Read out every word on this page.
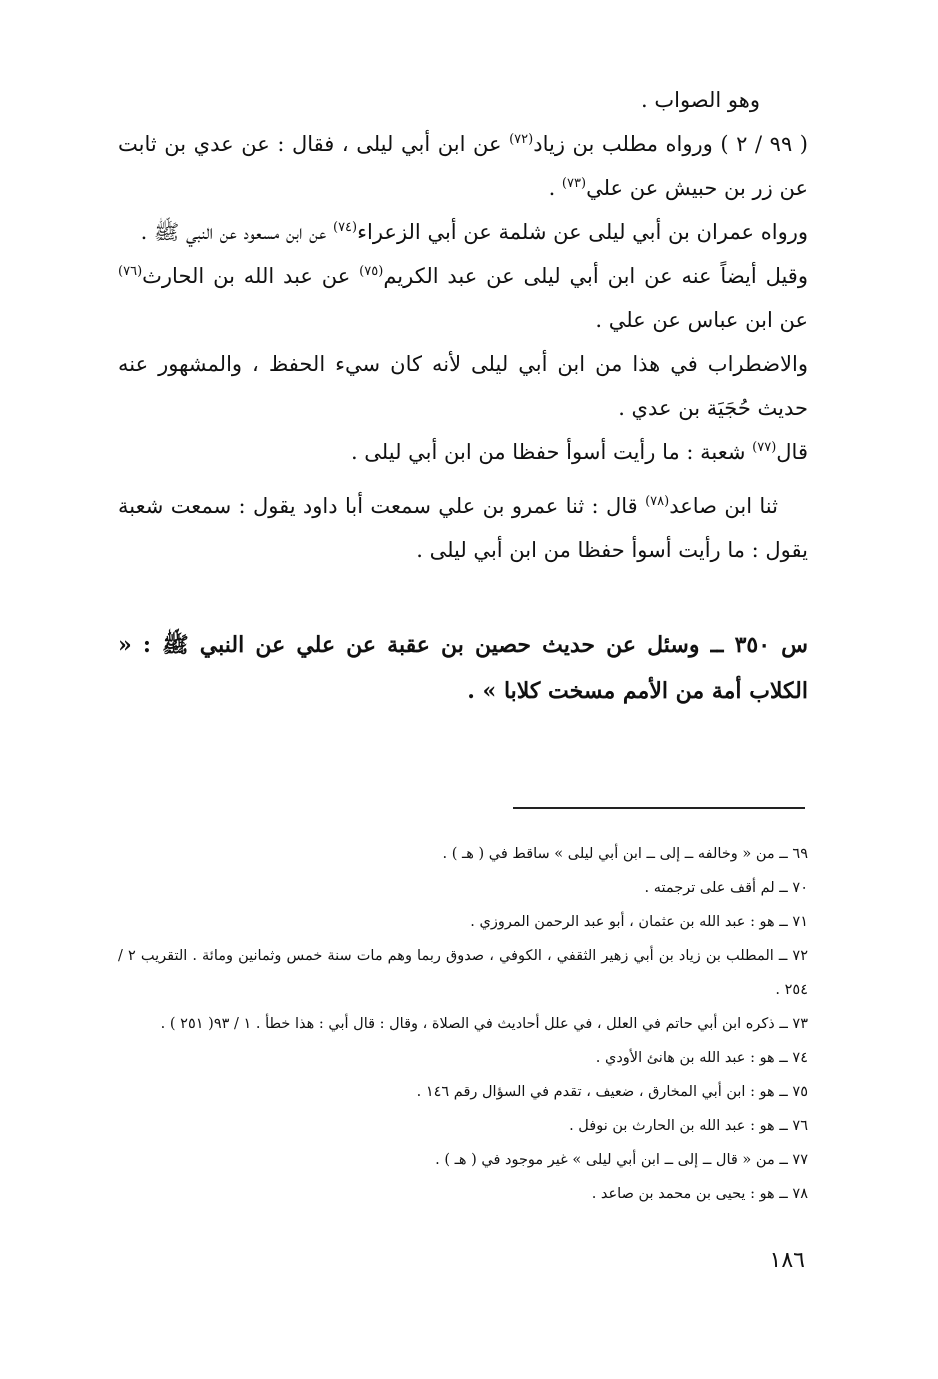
وهو الصواب .

( ٩٩ / ٢ ) ورواه مطلب بن زياد$^{(٧٢)}$ عن ابن أبي ليلى ، فقال : عن عدي بن ثابت عن زر بن حبيش عن علي$^{(٧٣)}$ .

ورواه عمران بن أبي ليلى عن شلمة عن أبي الزعراء$^{(٧٤)}$ عن ابن مسعود عن النبي ﷺ .

وقيل أيضاً عنه عن ابن أبي ليلى عن عبد الكريم$^{(٧٥)}$ عن عبد الله بن الحارث$^{(٧٦)}$ عن ابن عباس عن علي .

والاضطراب في هذا من ابن أبي ليلى لأنه كان سيء الحفظ ، والمشهور عنه حديث حُجَيَة بن عدي .

قال$^{(٧٧)}$ شعبة : ما رأيت أسوأ حفظا من ابن أبي ليلى .

ثنا ابن صاعد$^{(٧٨)}$ قال : ثنا عمرو بن علي سمعت أبا داود يقول : سمعت شعبة يقول : ما رأيت أسوأ حفظا من ابن أبي ليلى .

س ٣٥٠ ــ وسئل عن حديث حصين بن عقبة عن علي عن النبي ﷺ : « الكلاب أمة من الأمم مسخت كلابا » .

٦٩ ــ من « وخالفه ــ إلى ــ ابن أبي ليلى » ساقط في ( هـ ) .

٧٠ ــ لم أقف على ترجمته .

٧١ ــ هو : عبد الله بن عثمان ، أبو عبد الرحمن المروزي .

٧٢ ــ المطلب بن زياد بن أبي زهير الثقفي ، الكوفي ، صدوق ربما وهم مات سنة خمس وثمانين ومائة . التقريب ٢ / ٢٥٤ .

٧٣ ــ ذكره ابن أبي حاتم في العلل ، في علل أحاديث في الصلاة ، وقال : قال أبي : هذا خطأ . ١ / ٩٣( ٢٥١ ) .

٧٤ ــ هو : عبد الله بن هانئ الأودي .

٧٥ ــ هو : ابن أبي المخارق ، ضعيف ، تقدم في السؤال رقم ١٤٦ .

٧٦ ــ هو : عبد الله بن الحارث بن نوفل .

٧٧ ــ من « قال ــ إلى ــ ابن أبي ليلى » غير موجود في ( هـ ) .

٧٨ ــ هو : يحيى بن محمد بن صاعد .

١٨٦
